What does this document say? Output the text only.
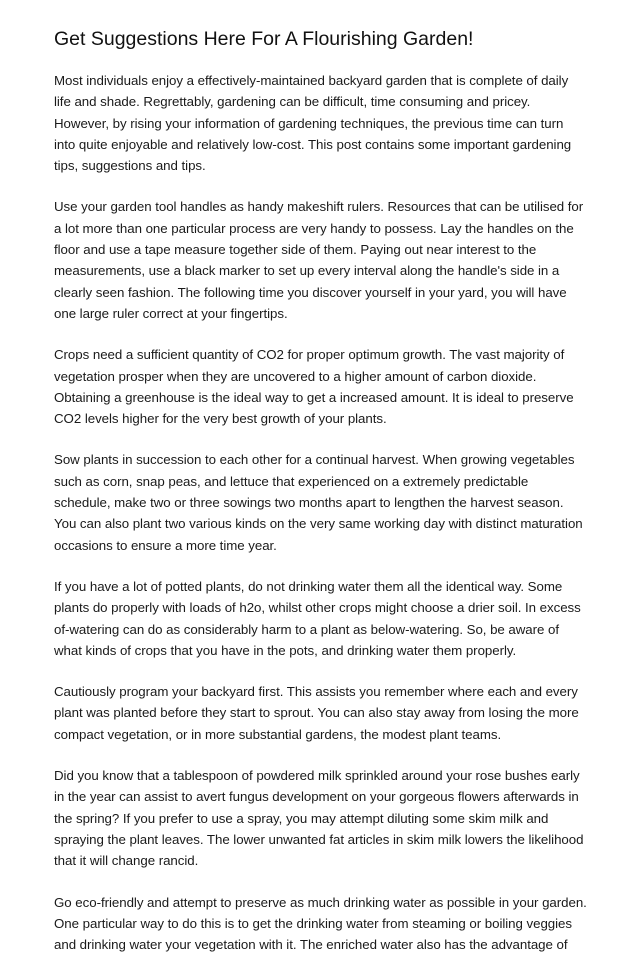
Get Suggestions Here For A Flourishing Garden!

Most individuals enjoy a effectively-maintained backyard garden that is complete of daily life and shade. Regrettably, gardening can be difficult, time consuming and pricey. However, by rising your information of gardening techniques, the previous time can turn into quite enjoyable and relatively low-cost. This post contains some important gardening tips, suggestions and tips.

Use your garden tool handles as handy makeshift rulers. Resources that can be utilised for a lot more than one particular process are very handy to possess. Lay the handles on the floor and use a tape measure together side of them. Paying out near interest to the measurements, use a black marker to set up every interval along the handle's side in a clearly seen fashion. The following time you discover yourself in your yard, you will have one large ruler correct at your fingertips.

Crops need a sufficient quantity of CO2 for proper optimum growth. The vast majority of vegetation prosper when they are uncovered to a higher amount of carbon dioxide. Obtaining a greenhouse is the ideal way to get a increased amount. It is ideal to preserve CO2 levels higher for the very best growth of your plants.

Sow plants in succession to each other for a continual harvest. When growing vegetables such as corn, snap peas, and lettuce that experienced on a extremely predictable schedule, make two or three sowings two months apart to lengthen the harvest season. You can also plant two various kinds on the very same working day with distinct maturation occasions to ensure a more time year.

If you have a lot of potted plants, do not drinking water them all the identical way. Some plants do properly with loads of h2o, whilst other crops might choose a drier soil. In excess of-watering can do as considerably harm to a plant as below-watering. So, be aware of what kinds of crops that you have in the pots, and drinking water them properly.

Cautiously program your backyard first. This assists you remember where each and every plant was planted before they start to sprout. You can also stay away from losing the more compact vegetation, or in more substantial gardens, the modest plant teams.

Did you know that a tablespoon of powdered milk sprinkled around your rose bushes early in the year can assist to avert fungus development on your gorgeous flowers afterwards in the spring? If you prefer to use a spray, you may attempt diluting some skim milk and spraying the plant leaves. The lower unwanted fat articles in skim milk lowers the likelihood that it will change rancid.

Go eco-friendly and attempt to preserve as much drinking water as possible in your garden. One particular way to do this is to get the drinking water from steaming or boiling veggies and drinking water your vegetation with it. The enriched water also has the advantage of
